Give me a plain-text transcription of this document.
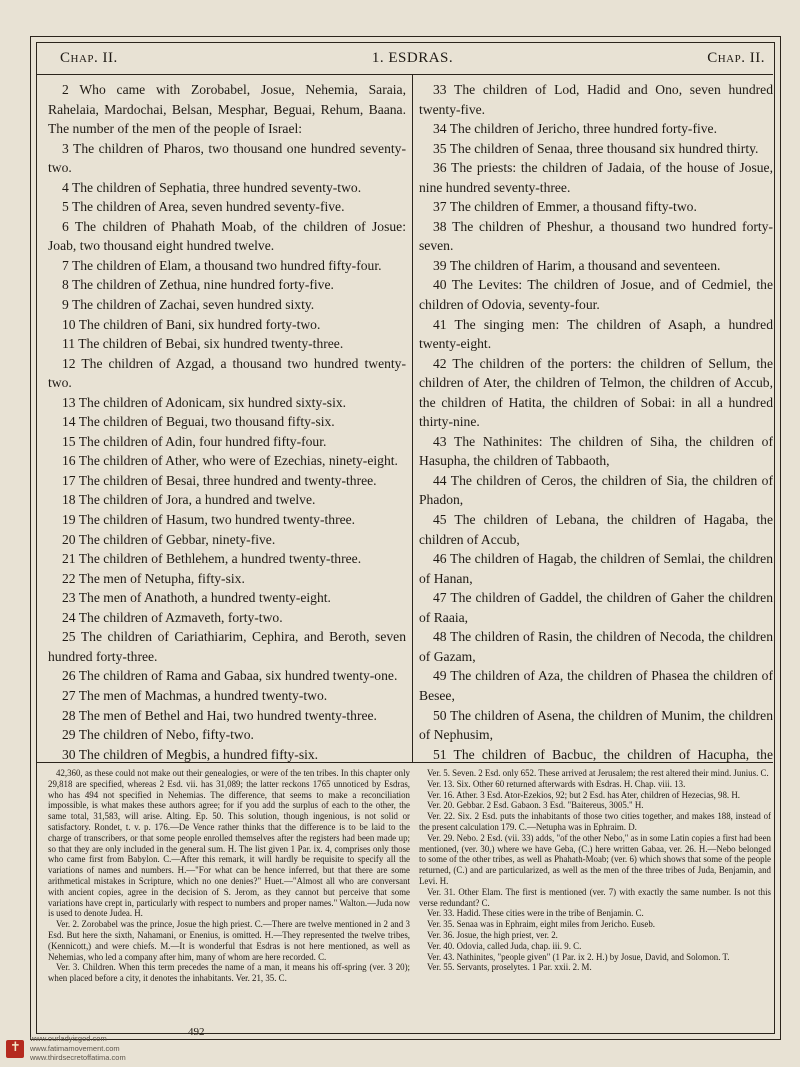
Chap. II.	1. ESDRAS.	Chap. II.

2 Who came with Zorobabel, Josue, Nehemia, Saraia, Rahelaia, Mardochai, Belsan, Mesphar, Beguai, Rehum, Baana. The number of the men of the people of Israel:

3 The children of Pharos, two thousand one hundred seventy-two.

4 The children of Sephatia, three hundred seventy-two.

5 The children of Area, seven hundred seventy-five.

6 The children of Phahath Moab, of the children of Josue: Joab, two thousand eight hundred twelve.

7 The children of Elam, a thousand two hundred fifty-four.

8 The children of Zethua, nine hundred forty-five.

9 The children of Zachai, seven hundred sixty.

10 The children of Bani, six hundred forty-two.

11 The children of Bebai, six hundred twenty-three.

12 The children of Azgad, a thousand two hundred twenty-two.

13 The children of Adonicam, six hundred sixty-six.

14 The children of Beguai, two thousand fifty-six.

15 The children of Adin, four hundred fifty-four.

16 The children of Ather, who were of Ezechias, ninety-eight.

17 The children of Besai, three hundred and twenty-three.

18 The children of Jora, a hundred and twelve.

19 The children of Hasum, two hundred twenty-three.

20 The children of Gebbar, ninety-five.

21 The children of Bethlehem, a hundred twenty-three.

22 The men of Netupha, fifty-six.

23 The men of Anathoth, a hundred twenty-eight.

24 The children of Azmaveth, forty-two.

25 The children of Cariathiarim, Cephira, and Beroth, seven hundred forty-three.

26 The children of Rama and Gabaa, six hundred twenty-one.

27 The men of Machmas, a hundred twenty-two.

28 The men of Bethel and Hai, two hundred twenty-three.

29 The children of Nebo, fifty-two.

30 The children of Megbis, a hundred fifty-six.

33 The children of Lod, Hadid and Ono, seven hundred twenty-five.

34 The children of Jericho, three hundred forty-five.

35 The children of Senaa, three thousand six hundred thirty.

36 The priests: the children of Jadaia, of the house of Josue, nine hundred seventy-three.

37 The children of Emmer, a thousand fifty-two.

38 The children of Pheshur, a thousand two hundred forty-seven.

39 The children of Harim, a thousand and seventeen.

40 The Levites: The children of Josue, and of Cedmiel, the children of Odovia, seventy-four.

41 The singing men: The children of Asaph, a hundred twenty-eight.

42 The children of the porters: the children of Sellum, the children of Ater, the children of Telmon, the children of Accub, the children of Hatita, the children of Sobai: in all a hundred thirty-nine.

43 The Nathinites: The children of Siha, the children of Hasupha, the children of Tabbaoth,

44 The children of Ceros, the children of Sia, the children of Phadon,

45 The children of Lebana, the children of Hagaba, the children of Accub,

46 The children of Hagab, the children of Semlai, the children of Hanan,

47 The children of Gaddel, the children of Gaher the children of Raaia,

48 The children of Rasin, the children of Necoda, the children of Gazam,

49 The children of Aza, the children of Phasea the children of Besee,

50 The children of Asena, the children of Munim, the children of Nephusim,

51 The children of Bacbuc, the children of Hacupha, the

42,360, as these could not make out their genealogies, or were of the ten tribes. In this chapter only 29,818 are specified, whereas 2 Esd. vii. has 31,089; the latter reckons 1765 unnoticed by Esdras, who has 494 not specified in Nehemias. The difference, that seems to make a reconciliation impossible, is what makes these authors agree; for if you add the surplus of each to the other, the same total, 31,583, will arise. Alting. Ep. 50. This solution, though ingenious, is not solid or satisfactory. Rondet, t. v. p. 176.—De Vence rather thinks that the difference is to be laid to the charge of transcribers, or that some people enrolled themselves after the registers had been made up; so that they are only included in the general sum. H. The list given 1 Par. ix. 4, comprises only those who came first from Babylon. C.—After this remark, it will hardly be requisite to specify all the variations of names and numbers. H.—"For what can be hence inferred, but that there are some arithmetical mistakes in Scripture, which no one denies?" Huet.—"Almost all who are conversant with ancient copies, agree in the decision of S. Jerom, as they cannot but perceive that some variations have crept in, particularly with respect to numbers and proper names." Walton.—Juda now is used to denote Judea. H.

Ver. 2. Zorobabel was the prince, Josue the high priest. C.—There are twelve mentioned in 2 and 3 Esd. But here the sixth, Nahamani, or Enenius, is omitted. H.—They represented the twelve tribes, (Kennicott,) and were chiefs. M.—It is wonderful that Esdras is not here mentioned, as well as Nehemias, who led a company after him, many of whom are here recorded. C.

Ver. 3. Children. When this term precedes the name of a man, it means his off-spring (ver. 3 20); when placed before a city, it denotes the inhabitants. Ver. 21, 35. C.

Ver. 5. Seven. 2 Esd. only 652. These arrived at Jerusalem; the rest altered their mind. Junius. C.

Ver. 13. Six. Other 60 returned afterwards with Esdras. H. Chap. viii. 13.

Ver. 16. Ather. 3 Esd. Ator-Ezekios, 92; but 2 Esd. has Ater, children of Hezecias, 98. H.

Ver. 20. Gebbar. 2 Esd. Gabaon. 3 Esd. "Baitereus, 3005." H.

Ver. 22. Six. 2 Esd. puts the inhabitants of those two cities together, and makes 188, instead of the present calculation 179. C.—Netupha was in Ephraim. D.

Ver. 29. Nebo. 2 Esd. (vii. 33) adds, "of the other Nebo," as in some Latin copies a first had been mentioned, (ver. 30,) where we have Geba, (C.) here written Gabaa, ver. 26. H.—Nebo belonged to some of the other tribes, as well as Phahath-Moab; (ver. 6) which shows that some of the people returned, (C.) and are particularized, as well as the men of the three tribes of Juda, Benjamin, and Levi. H.

Ver. 31. Other Elam. The first is mentioned (ver. 7) with exactly the same number. Is not this verse redundant? C.

Ver. 33. Hadid. These cities were in the tribe of Benjamin. C.

Ver. 35. Senaa was in Ephraim, eight miles from Jericho. Euseb.

Ver. 36. Josue, the high priest, ver. 2.

Ver. 40. Odovia, called Juda, chap. iii. 9. C.

Ver. 43. Nathinites, "people given" (1 Par. ix 2. H.) by Josue, David, and Solomon. T.

Ver. 55. Servants, proselytes. 1 Par. xxii. 2. M.

492
✝
www.ourladyisgod.com
www.fatimamovement.com
www.thirdsecretoffatima.com
